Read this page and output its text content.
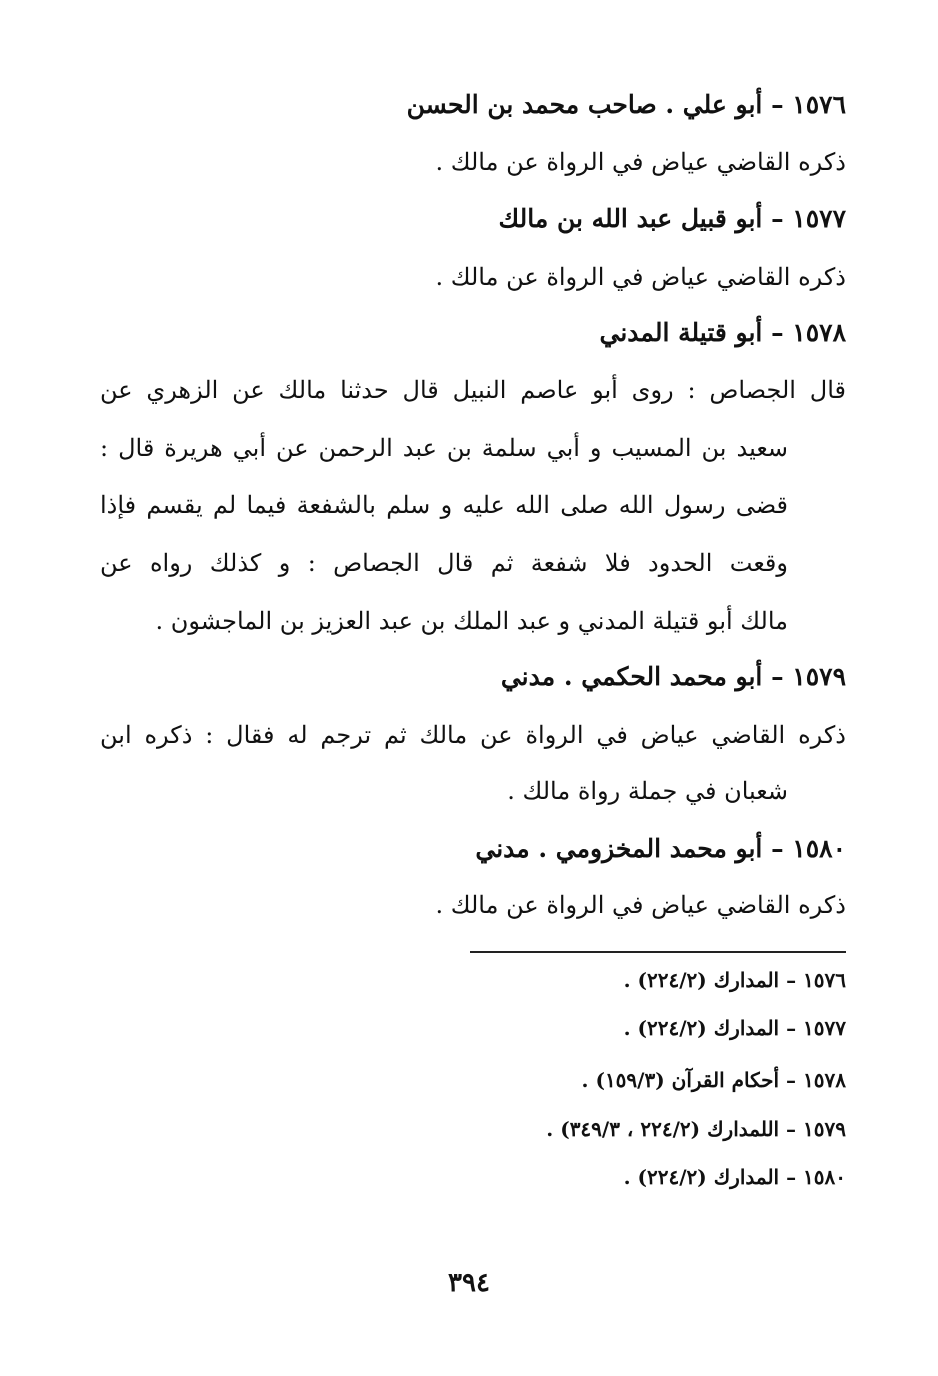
١٥٧٦ – أبو علي . صاحب محمد بن الحسن
ذكره القاضي عياض في الرواة عن مالك .
١٥٧٧ – أبو قبيل عبد الله بن مالك
ذكره القاضي عياض في الرواة عن مالك .
١٥٧٨ – أبو قتيلة المدني
قال الجصاص : روى أبو عاصم النبيل قال حدثنا مالك عن الزهري عن
سعيد بن المسيب و أبي سلمة بن عبد الرحمن عن أبي هريرة قال :
قضى رسول الله صلى الله عليه و سلم بالشفعة فيما لم يقسم فإذا
وقعت الحدود فلا شفعة ثم قال الجصاص : و كذلك رواه عن
مالك أبو قتيلة المدني و عبد الملك بن عبد العزيز بن الماجشون .
١٥٧٩ – أبو محمد الحكمي . مدني
ذكره القاضي عياض في الرواة عن مالك ثم ترجم له فقال : ذكره ابن
شعبان في جملة رواة مالك .
١٥٨٠ – أبو محمد المخزومي . مدني
ذكره القاضي عياض في الرواة عن مالك .
١٥٧٦ – المدارك (٢٢٤/٢) .
١٥٧٧ – المدارك (٢٢٤/٢) .
١٥٧٨ – أحكام القرآن (١٥٩/٣) .
١٥٧٩ – اللمدارك (٢٢٤/٢ ، ٣٤٩/٣) .
١٥٨٠ – المدارك (٢٢٤/٢) .
٣٩٤
